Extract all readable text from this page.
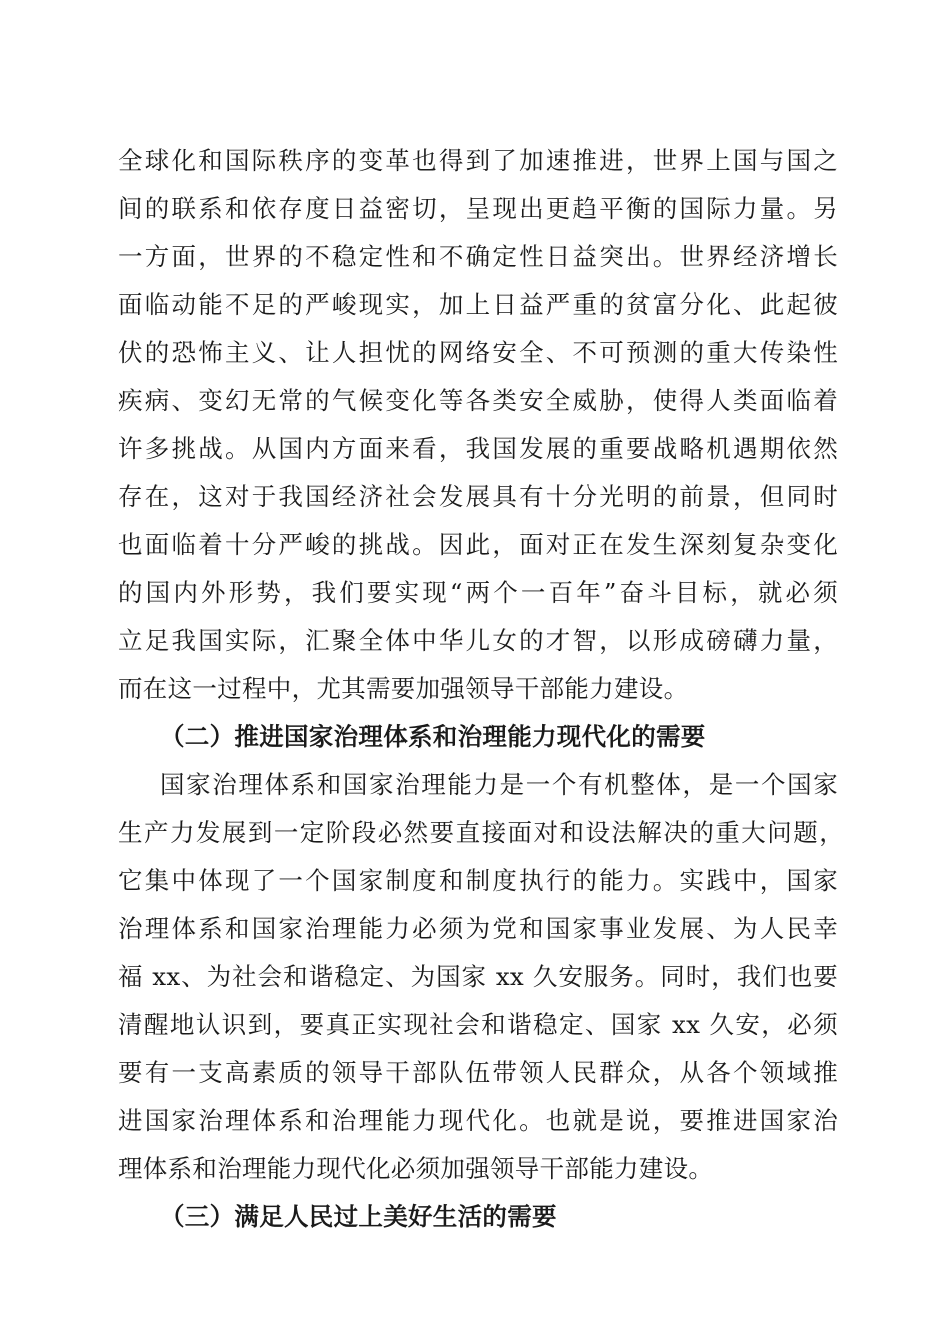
全球化和国际秩序的变革也得到了加速推进，世界上国与国之
间的联系和依存度日益密切，呈现出更趋平衡的国际力量。另
一方面，世界的不稳定性和不确定性日益突出。世界经济增长
面临动能不足的严峻现实，加上日益严重的贫富分化、此起彼
伏的恐怖主义、让人担忧的网络安全、不可预测的重大传染性
疾病、变幻无常的气候变化等各类安全威胁，使得人类面临着
许多挑战。从国内方面来看，我国发展的重要战略机遇期依然
存在，这对于我国经济社会发展具有十分光明的前景，但同时
也面临着十分严峻的挑战。因此，面对正在发生深刻复杂变化
的国内外形势，我们要实现“两个一百年”奋斗目标，就必须
立足我国实际，汇聚全体中华儿女的才智，以形成磅礴力量，
而在这一过程中，尤其需要加强领导干部能力建设。
（二）推进国家治理体系和治理能力现代化的需要
国家治理体系和国家治理能力是一个有机整体，是一个国家
生产力发展到一定阶段必然要直接面对和设法解决的重大问题，
它集中体现了一个国家制度和制度执行的能力。实践中，国家
治理体系和国家治理能力必须为党和国家事业发展、为人民幸
福 xx、为社会和谐稳定、为国家 xx 久安服务。同时，我们也要
清醒地认识到，要真正实现社会和谐稳定、国家 xx 久安，必须
要有一支高素质的领导干部队伍带领人民群众，从各个领域推
进国家治理体系和治理能力现代化。也就是说，要推进国家治
理体系和治理能力现代化必须加强领导干部能力建设。
（三）满足人民过上美好生活的需要
